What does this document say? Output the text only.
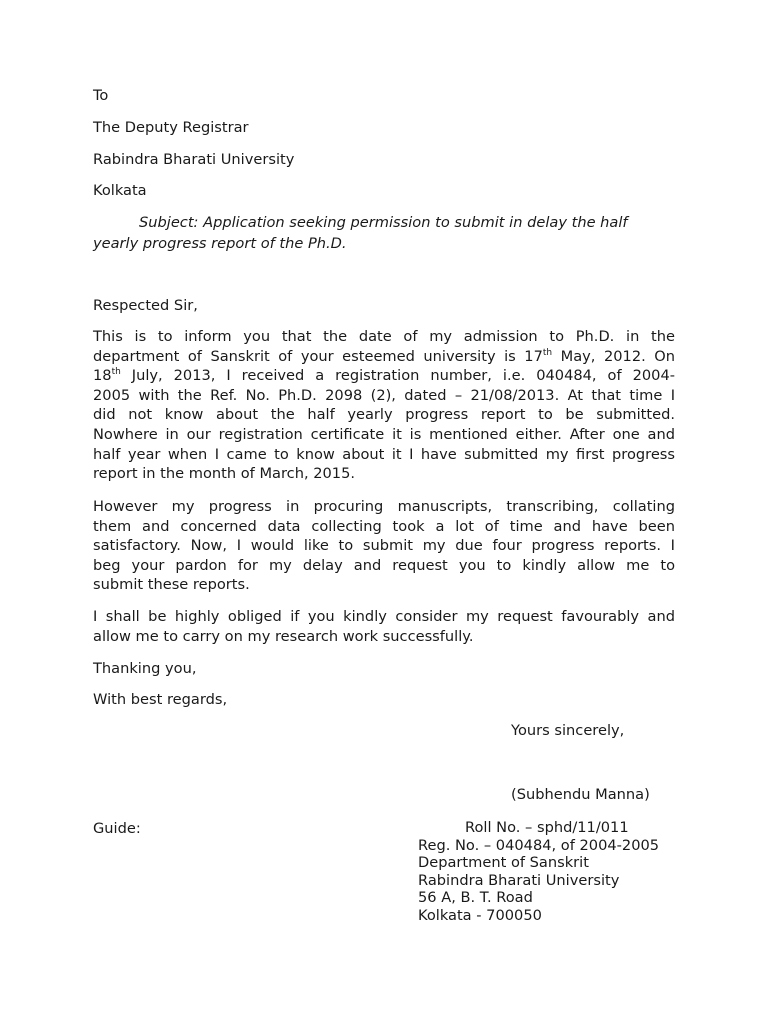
To
The Deputy Registrar
Rabindra Bharati University
Kolkata
Subject: Application seeking permission to submit in delay the half yearly progress report of the Ph.D.
Respected Sir,
This is to inform you that the date of my admission to Ph.D. in the
department of Sanskrit of your esteemed university is 17th May, 2012. On
18th July, 2013, I received a registration number, i.e. 040484, of 2004-
2005 with the Ref. No. Ph.D. 2098 (2), dated – 21/08/2013. At that time I
did not know about the half yearly progress report to be submitted.
Nowhere in our registration certificate it is mentioned either. After one and
half year when I came to know about it I have submitted my first progress
report in the month of March, 2015.
However my progress in procuring manuscripts, transcribing, collating
them and concerned data collecting took a lot of time and have been
satisfactory. Now, I would like to submit my due four progress reports. I
beg your pardon for my delay and request you to kindly allow me to
submit these reports.
I shall be highly obliged if you kindly consider my request favourably and
allow me to carry on my research work successfully.
Thanking you,
With best regards,
Yours sincerely,
(Subhendu Manna)
Guide:	Roll No. – sphd/11/011
Reg. No. – 040484, of 2004-2005
Department of Sanskrit
Rabindra Bharati University
56 A, B. T. Road
Kolkata - 700050
